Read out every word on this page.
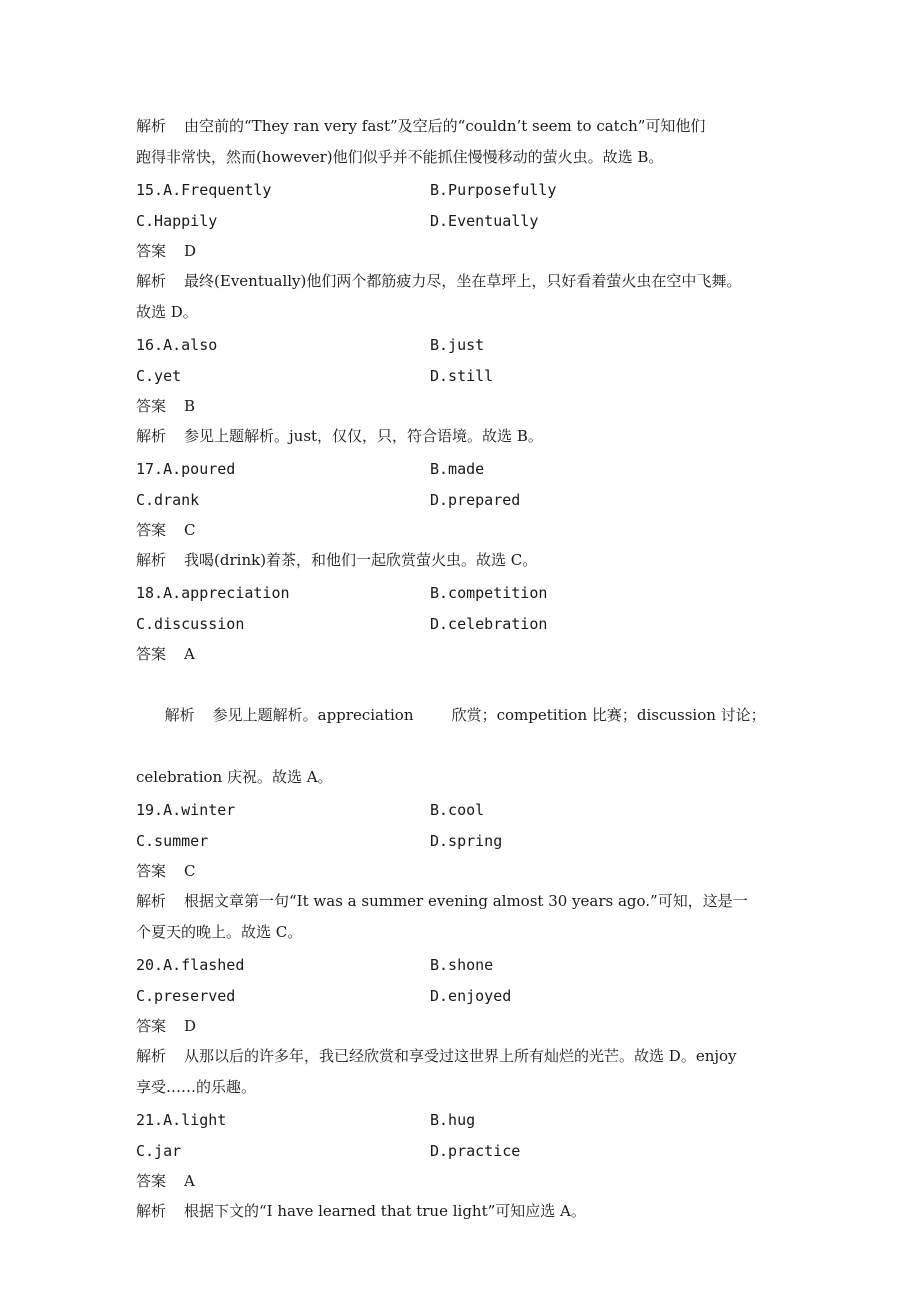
解析 由空前的“They ran very fast”及空后的“couldn’t seem to catch”可知他们
跑得非常快，然而(however)他们似乎并不能抓住慢慢移动的萤火虫。故选 B。
15.A.Frequently	B.Purposefully
C.Happily	D.Eventually
答案 D
解析 最终(Eventually)他们两个都筋疲力尽，坐在草坪上，只好看着萤火虫在空中飞舞。
故选 D。
16.A.also	B.just
C.yet	D.still
答案 B
解析 参见上题解析。just，仅仅，只，符合语境。故选 B。
17.A.poured	B.made
C.drank	D.prepared
答案 C
解析 我喝(drink)着茶，和他们一起欣赏萤火虫。故选 C。
18.A.appreciation	B.competition
C.discussion	D.celebration
答案 A

解析 参见上题解析。appreciation        欣赏；competition 比赛；discussion 讨论；

celebration 庆祝。故选 A。
19.A.winter	B.cool
C.summer	D.spring
答案 C
解析 根据文章第一句“It was a summer evening almost 30 years ago.”可知，这是一
个夏天的晚上。故选 C。
20.A.flashed	B.shone
C.preserved	D.enjoyed
答案 D
解析 从那以后的许多年，我已经欣赏和享受过这世界上所有灿烂的光芒。故选 D。enjoy
享受……的乐趣。
21.A.light	B.hug
C.jar	D.practice
答案 A
解析 根据下文的“I have learned that true light”可知应选 A。
